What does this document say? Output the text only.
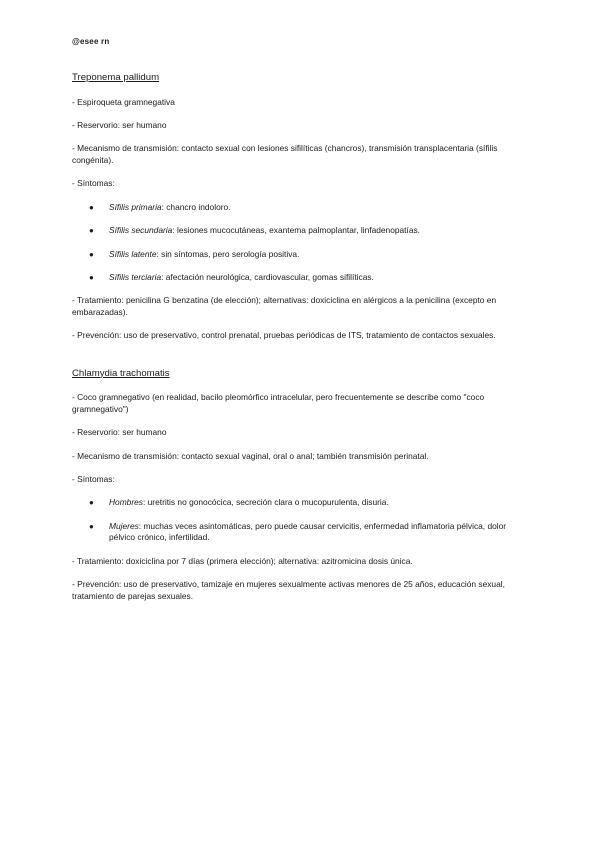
@esee rn
Treponema pallidum
- Espiroqueta gramnegativa
- Reservorio: ser humano
- Mecanismo de transmisión: contacto sexual con lesiones sifilíticas (chancros), transmisión transplacentaria (sífilis congénita).
- Síntomas:
● Sífilis primaria: chancro indoloro.
● Sífilis secundaria: lesiones mucocutáneas, exantema palmoplantar, linfadenopatías.
● Sífilis latente: sin síntomas, pero serología positiva.
● Sífilis terciaria: afectación neurológica, cardiovascular, gomas sifilíticas.
- Tratamiento: penicilina G benzatina (de elección); alternativas: doxiciclina en alérgicos a la penicilina (excepto en embarazadas).
- Prevención: uso de preservativo, control prenatal, pruebas periódicas de ITS, tratamiento de contactos sexuales.
Chlamydia trachomatis
- Coco gramnegativo (en realidad, bacilo pleomórfico intracelular, pero frecuentemente se describe como "coco gramnegativo")
- Reservorio: ser humano
- Mecanismo de transmisión: contacto sexual vaginal, oral o anal; también transmisión perinatal.
- Síntomas:
● Hombres: uretritis no gonocócica, secreción clara o mucopurulenta, disuria.
● Mujeres: muchas veces asintomáticas, pero puede causar cervicitis, enfermedad inflamatoria pélvica, dolor pélvico crónico, infertilidad.
- Tratamiento: doxiciclina por 7 días (primera elección); alternativa: azitromicina dosis única.
- Prevención: uso de preservativo, tamizaje en mujeres sexualmente activas menores de 25 años, educación sexual, tratamiento de parejas sexuales.
